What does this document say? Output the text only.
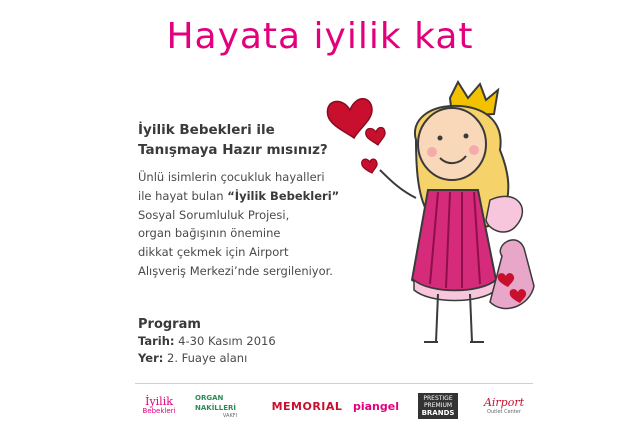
Hayata iyilik kat
İyilik Bebekleri ile
Tanışmaya Hazır mısınız?
Ünlü isimlerin çocukluk hayalleri
ile hayat bulan “İyilik Bebekleri”
Sosyal Sorumluluk Projesi,
organ bağışının önemine
dikkat çekmek için Airport
Alışveriş Merkezi’nde sergileniyor.
Program
Tarih: 4-30 Kasım 2016
Yer: 2. Fuaye alanı
İyilik
Bebekleri
ORGAN NAKİLLERİ
VAKFI
MEMORIAL piangel
PRESTIGE
PREMIUM
BRANDS
Airport
Outlet Center
